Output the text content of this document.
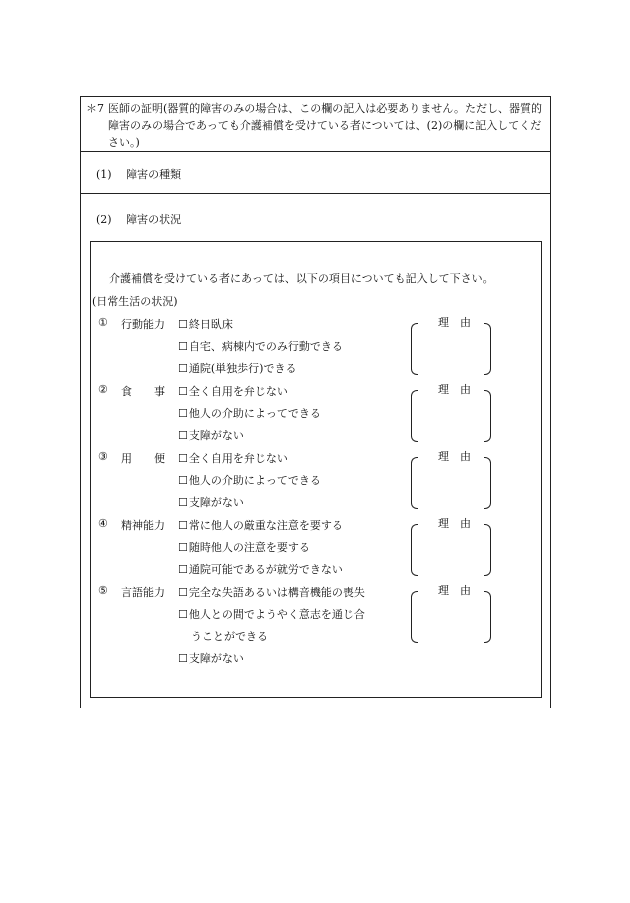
＊7 医師の証明(器質的障害のみの場合は、この欄の記入は必要ありません。ただし、器質的障害のみの場合であっても介護補償を受けている者については、(2)の欄に記入してください。)
(1)　 障害の種類
(2)　 障害の状況
介護補償を受けている者にあっては、以下の項目についても記入して下さい。
(日常生活の状況)
① 行動能力 ☐終日臥床
☐自宅、病棟内でのみ行動できる
☐通院(単独歩行)できる
理　由
② 食　　事 ☐全く自用を弁じない
☐他人の介助によってできる
☐支障がない
理　由
③ 用　　便 ☐全く自用を弁じない
☐他人の介助によってできる
☐支障がない
理　由
④ 精神能力 ☐常に他人の厳重な注意を要する
☐随時他人の注意を要する
☐通院可能であるが就労できない
理　由
⑤ 言語能力 ☐完全な失語あるいは構音機能の喪失
☐他人との間でようやく意志を通じ合
うことができる
☐支障がない
理　由
